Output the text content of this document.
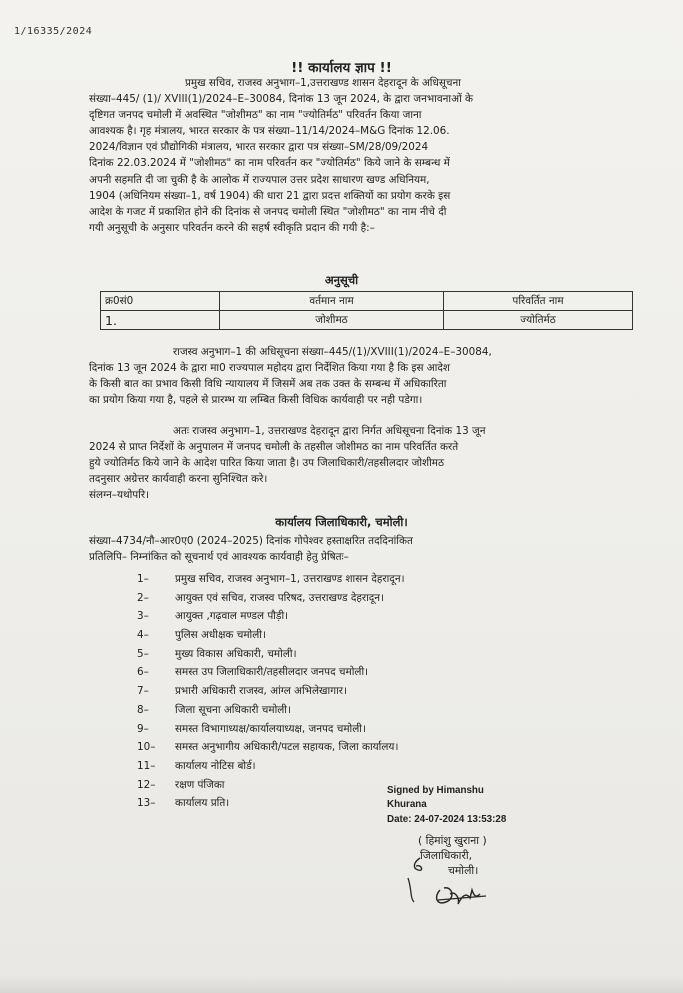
1/16335/2024
!! कार्यालय ज्ञाप !!

प्रमुख सचिव, राजस्व अनुभाग–1,उत्तराखण्ड शासन देहरादून के अधिसूचना

संख्या–445/ (1)/ XVIII(1)/2024–E–30084, दिनांक 13 जून 2024, के द्वारा जनभावनाओं के

दृष्टिगत जनपद चमोली में अवस्थित "जोशीमठ" का नाम "ज्योतिर्मठ" परिवर्तन किया जाना

आवश्यक है। गृह मंत्रालय, भारत सरकार के पत्र संख्या–11/14/2024–M&G दिनांक 12.06.

2024/विज्ञान एवं प्रौद्योगिकी मंत्रालय, भारत सरकार द्वारा पत्र संख्या–SM/28/09/2024

दिनांक 22.03.2024 में "जोशीमठ" का नाम परिवर्तन कर "ज्योतिर्मठ" किये जाने के सम्बन्ध में

अपनी सहमति दी जा चुकी है के आलोक में राज्यपाल उत्तर प्रदेश साधारण खण्ड अधिनियम,

1904 (अधिनियम संख्या–1, वर्ष 1904) की धारा 21 द्वारा प्रदत्त शक्तियों का प्रयोग करके इस

आदेश के गजट में प्रकाशित होने की दिनांक से जनपद चमोली स्थित "जोशीमठ" का नाम नीचे दी

गयी अनुसूची के अनुसार परिवर्तन करने की सहर्ष स्वीकृति प्रदान की गयी है:–

अनुसूची
क्र0सं0	वर्तमान नाम	परिवर्तित नाम
1.	जोशीमठ	ज्योतिर्मठ

राजस्व अनुभाग–1 की अधिसूचना संख्या–445/(1)/XVIII(1)/2024–E–30084,

दिनांक 13 जून 2024 के द्वारा मा0 राज्यपाल महोदय द्वारा निर्देशित किया गया है कि इस आदेश

के किसी बात का प्रभाव किसी विधि न्यायालय में जिसमें अब तक उक्त के सम्बन्ध में अधिकारिता

का प्रयोग किया गया है, पहले से प्रारम्भ या लम्बित किसी विधिक कार्यवाही पर नही पडेगा।

अतः राजस्व अनुभाग–1, उत्तराखण्ड देहरादून द्वारा निर्गत अधिसूचना दिनांक 13 जून

2024 से प्राप्त निर्देशों के अनुपालन में जनपद चमोली के तहसील जोशीमठ का नाम परिवर्तित करते

हुये ज्योतिर्मठ किये जाने के आदेश पारित किया जाता है। उप जिलाधिकारी/तहसीलदार जोशीमठ

तदनुसार अग्रेत्तर कार्यवाही करना सुनिश्चित करे।

संलग्न–यथोपरि।

कार्यालय जिलाधिकारी, चमोली।
संख्या–4734/नौ–आर0ए0 (2024–2025) दिनांक गोपेश्वर हस्ताक्षरित तददिनांकित
प्रतिलिपि– निम्नांकित को सूचनार्थ एवं आवश्यक कार्यवाही हेतु प्रेषितः–
1–	प्रमुख सचिव, राजस्व अनुभाग–1, उत्तराखण्ड शासन देहरादून।
2–	आयुक्त एवं सचिव, राजस्व परिषद, उत्तराखण्ड देहरादून।
3–	आयुक्त ,गढ़वाल मण्डल पौड़ी।
4–	पुलिस अधीक्षक चमोली।
5–	मुख्य विकास अधिकारी, चमोली।
6–	समस्त उप जिलाधिकारी/तहसीलदार जनपद चमोली।
7–	प्रभारी अधिकारी राजस्व, आंग्ल अभिलेखागार।
8–	जिला सूचना अधिकारी चमोली।
9–	समस्त विभागाध्यक्ष/कार्यालयाध्यक्ष, जनपद चमोली।
10– समस्त अनुभागीय अधिकारी/पटल सहायक, जिला कार्यालय।
11– कार्यालय नोटिस बोर्ड।
12– रक्षण पंजिका
13– कार्यालय प्रति।
Signed by Himanshu
Khurana
Date: 24-07-2024 13:53:28
( हिमांशु खुराना )
जिलाधिकारी,
चमोली।
